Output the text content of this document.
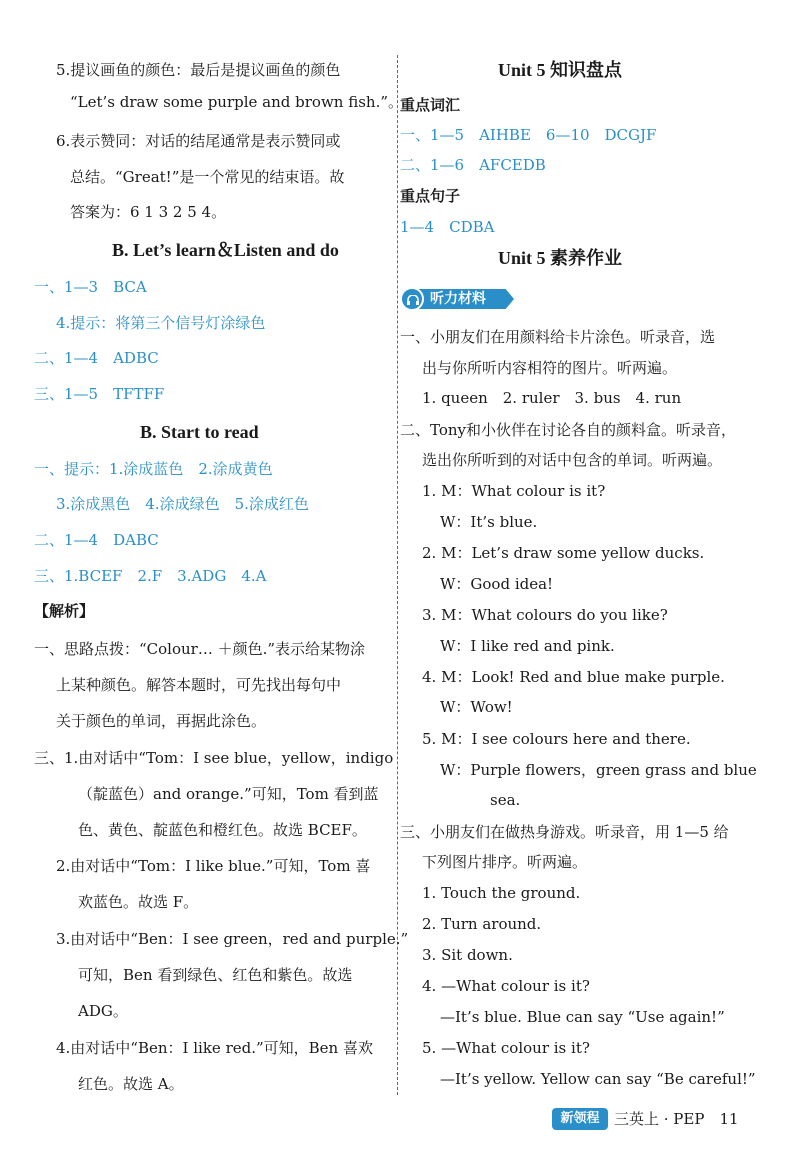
5.提议画鱼的颜色：最后是提议画鱼的颜色
“Let’s draw some purple and brown fish.”。
6.表示赞同：对话的结尾通常是表示赞同或
总结。“Great!”是一个常见的结束语。故
答案为：6 1 3 2 5 4。
B. Let’s learn＆Listen and do
一、1—3　BCA
4.提示：将第三个信号灯涂绿色
二、1—4　ADBC
三、1—5　TFTFF
B. Start to read
一、提示：1.涂成蓝色　2.涂成黄色
3.涂成黑色　4.涂成绿色　5.涂成红色
二、1—4　DABC
三、1.BCEF　2.F　3.ADG　4.A
【解析】
一、思路点拨：“Colour… ＋颜色.”表示给某物涂
上某种颜色。解答本题时，可先找出每句中
关于颜色的单词，再据此涂色。
三、1.由对话中“Tom：I see blue，yellow，indigo
（靛蓝色）and orange.”可知，Tom 看到蓝
色、黄色、靛蓝色和橙红色。故选 BCEF。
2.由对话中“Tom：I like blue.”可知，Tom 喜
欢蓝色。故选 F。
3.由对话中“Ben：I see green，red and purple.”
可知，Ben 看到绿色、红色和紫色。故选
ADG。
4.由对话中“Ben：I like red.”可知，Ben 喜欢
红色。故选 A。
Unit 5 知识盘点
重点词汇
一、1—5　AIHBE　6—10　DCGJF
二、1—6　AFCEDB
重点句子
1—4　CDBA
Unit 5 素养作业
听力材料
一、小朋友们在用颜料给卡片涂色。听录音，选
出与你所听内容相符的图片。听两遍。
1. queen　2. ruler　3. bus　4. run
二、Tony和小伙伴在讨论各自的颜料盒。听录音，
选出你所听到的对话中包含的单词。听两遍。
1. M：What colour is it?
W：It’s blue.
2. M：Let’s draw some yellow ducks.
W：Good idea!
3. M：What colours do you like?
W：I like red and pink.
4. M：Look! Red and blue make purple.
W：Wow!
5. M：I see colours here and there.
W：Purple flowers，green grass and blue
sea.
三、小朋友们在做热身游戏。听录音，用 1—5 给
下列图片排序。听两遍。
1. Touch the ground.
2. Turn around.
3. Sit down.
4. —What colour is it?
—It’s blue. Blue can say “Use again!”
5. —What colour is it?
—It’s yellow. Yellow can say “Be careful!”
新领程 三英上 · PEP　11
